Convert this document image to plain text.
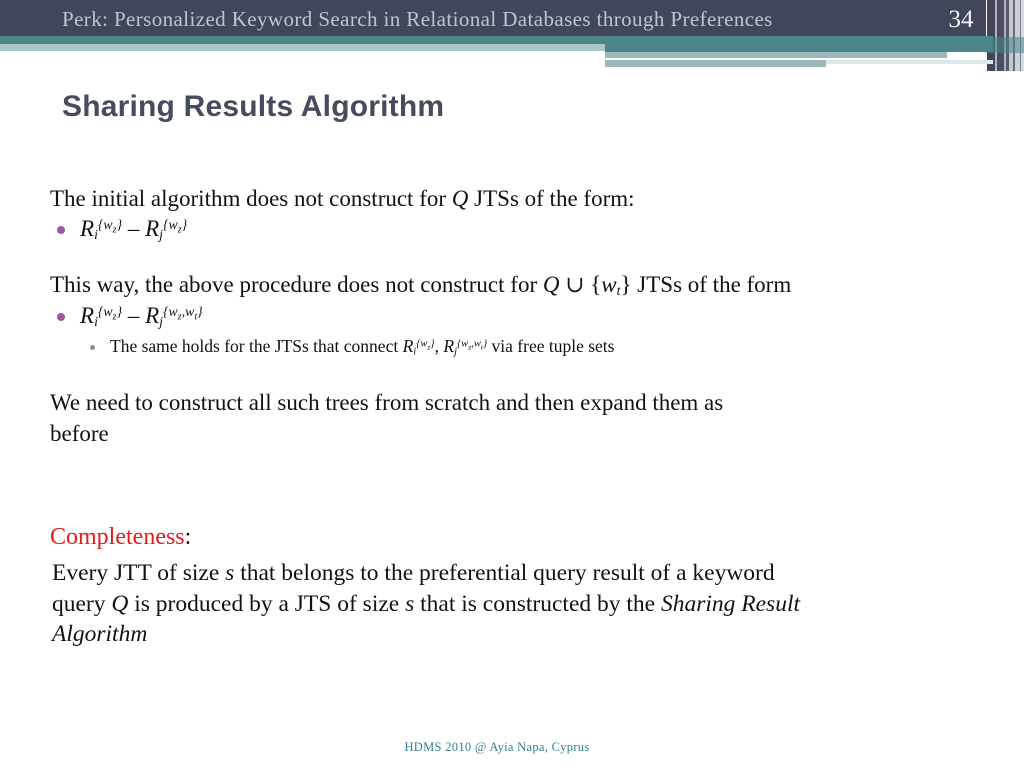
Perk: Personalized Keyword Search in Relational Databases through Preferences	34
Sharing Results Algorithm
The initial algorithm does not construct for Q JTSs of the form:
$Ri^{\{w}z^{\}} - Rj^{\{w}z^{\}}$
This way, the above procedure does not construct for Q ∪ {wt} JTSs of the form
$Ri^{\{w}z^{\}} - Rj^{\{w}z^{,w}t^{\}}$
The same holds for the JTSs that connect $Ri^{\{w}z^{\}}$, $Rj^{\{w}z^{,w}t^{\}}$ via free tuple sets
We need to construct all such trees from scratch and then expand them as
before
Completeness:
Every JTT of size s that belongs to the preferential query result of a keyword
query Q is produced by a JTS of size s that is constructed by the Sharing Result
Algorithm
HDMS 2010 @ Ayia Napa, Cyprus
